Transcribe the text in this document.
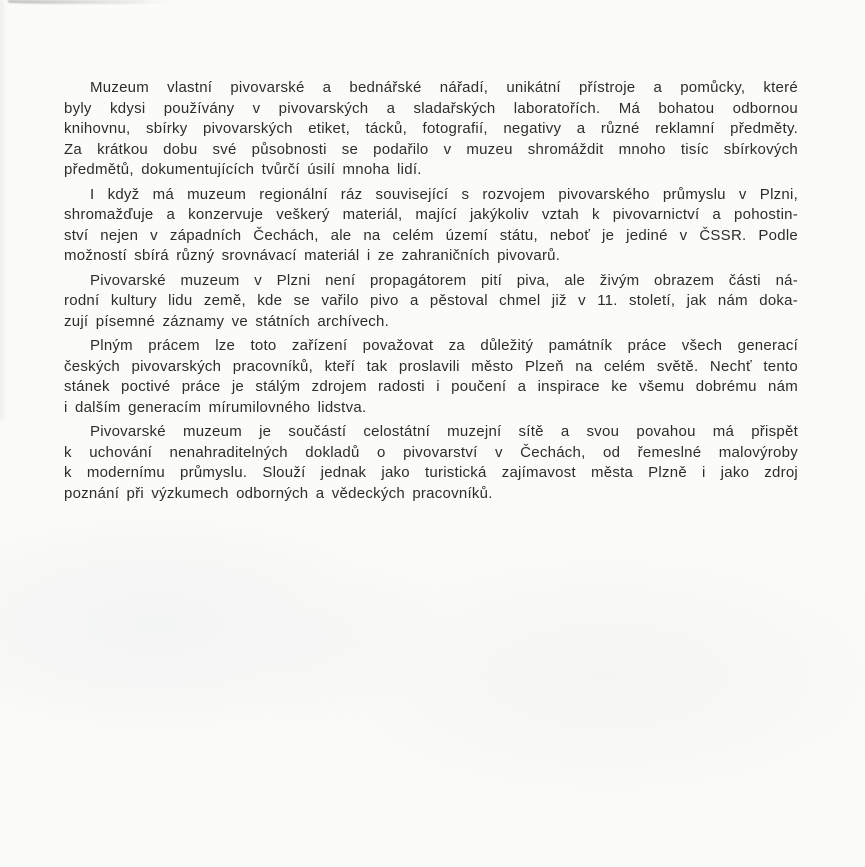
Muzeum vlastní pivovarské a bednářské nářadí, unikátní přístroje a pomůcky, které
byly kdysi používány v pivovarských a sladařských laboratořích. Má bohatou odbornou
knihovnu, sbírky pivovarských etiket, tácků, fotografií, negativy a různé reklamní předměty.
Za krátkou dobu své působnosti se podařilo v muzeu shromáždit mnoho tisíc sbírkových
předmětů, dokumentujících tvůrčí úsilí mnoha lidí.
I když má muzeum regionální ráz související s rozvojem pivovarského průmyslu v Plzni,
shromažďuje a konzervuje veškerý materiál, mající jakýkoliv vztah k pivovarnictví a pohostin-
ství nejen v západních Čechách, ale na celém území státu, neboť je jediné v ČSSR. Podle
možností sbírá různý srovnávací materiál i ze zahraničních pivovarů.
Pivovarské muzeum v Plzni není propagátorem pití piva, ale živým obrazem části ná-
rodní kultury lidu země, kde se vařilo pivo a pěstoval chmel již v 11. století, jak nám doka-
zují písemné záznamy ve státních archívech.
Plným prácem lze toto zařízení považovat za důležitý památník práce všech generací
českých pivovarských pracovníků, kteří tak proslavili město Plzeň na celém světě. Nechť tento
stánek poctivé práce je stálým zdrojem radosti i poučení a inspirace ke všemu dobrému nám
i dalším generacím mírumilovného lidstva.
Pivovarské muzeum je součástí celostátní muzejní sítě a svou povahou má přispět
k uchování nenahraditelných dokladů o pivovarství v Čechách, od řemeslné malovýroby
k modernímu průmyslu. Slouží jednak jako turistická zajímavost města Plzně i jako zdroj
poznání při výzkumech odborných a vědeckých pracovníků.
